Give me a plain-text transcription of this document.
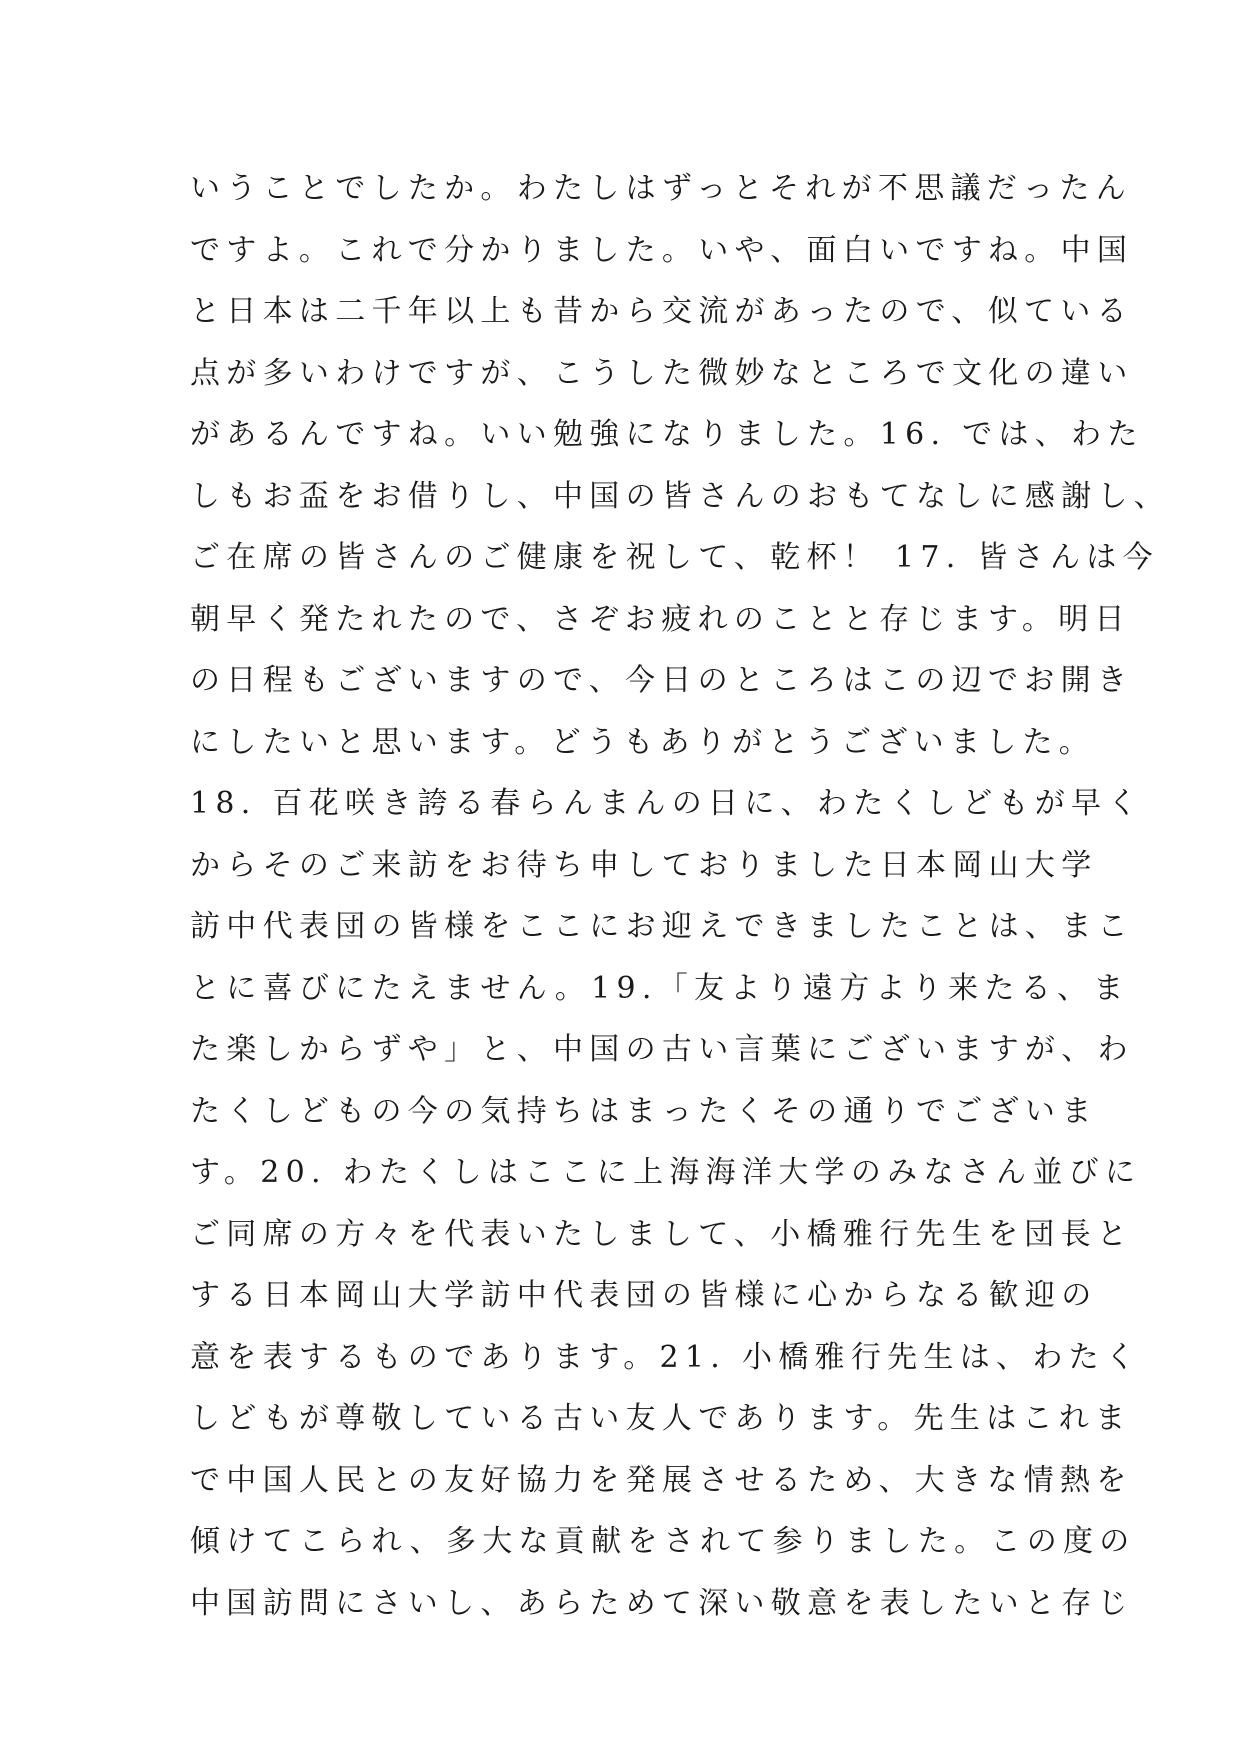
いうことでしたか。わたしはずっとそれが不思議だったん
ですよ。これで分かりました。いや、面白いですね。中国
と日本は二千年以上も昔から交流があったので、似ている
点が多いわけですが、こうした微妙なところで文化の違い
があるんですね。いい勉強になりました。16. では、わた
しもお盃をお借りし、中国の皆さんのおもてなしに感謝し、
ご在席の皆さんのご健康を祝して、乾杯！ 17. 皆さんは今
朝早く発たれたので、さぞお疲れのことと存じます。明日
の日程もございますので、今日のところはこの辺でお開き
にしたいと思います。どうもありがとうございました。
18. 百花咲き誇る春らんまんの日に、わたくしどもが早く
からそのご来訪をお待ち申しておりました日本岡山大学
訪中代表団の皆様をここにお迎えできましたことは、まこ
とに喜びにたえません。19.「友より遠方より来たる、ま
た楽しからずや」と、中国の古い言葉にございますが、わ
たくしどもの今の気持ちはまったくその通りでございま
す。20. わたくしはここに上海海洋大学のみなさん並びに
ご同席の方々を代表いたしまして、小橋雅行先生を団長と
する日本岡山大学訪中代表団の皆様に心からなる歓迎の
意を表するものであります。21. 小橋雅行先生は、わたく
しどもが尊敬している古い友人であります。先生はこれま
で中国人民との友好協力を発展させるため、大きな情熱を
傾けてこられ、多大な貢献をされて参りました。この度の
中国訪問にさいし、あらためて深い敬意を表したいと存じ
